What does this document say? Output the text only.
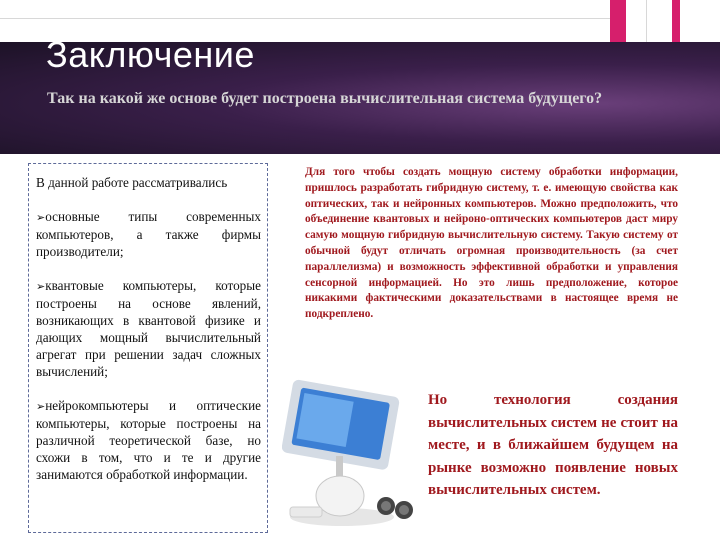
Заключение
Так на какой же основе будет построена вычислительная система будущего?

В данной работе рассматривались

➢основные типы современных компьютеров, а также фирмы производители;

➢квантовые компьютеры, которые построены на основе явлений, возникающих в квантовой физике и дающих мощный вычислительный агрегат при решении задач сложных вычислений;

➢нейрокомпьютеры и оптические компьютеры, которые построены на различной теоретической базе, но схожи в том, что и те и другие занимаются обработкой информации.

Для того чтобы создать мощную систему обработки информации, пришлось разработать гибридную систему, т. е. имеющую свойства как оптических, так и нейронных компьютеров. Можно предположить, что объединение квантовых и нейроно-оптических компьютеров даст миру самую мощную гибридную вычислительную систему. Такую систему от обычной будут отличать огромная производительность (за счет параллелизма) и возможность эффективной обработки и управления сенсорной информацией. Но это лишь предположение, которое никакими фактическими доказательствами в настоящее время не подкреплено.
Но технология создания вычислительных систем не стоит на месте, и в ближайшем будущем на рынке возможно появление новых вычислительных систем.
